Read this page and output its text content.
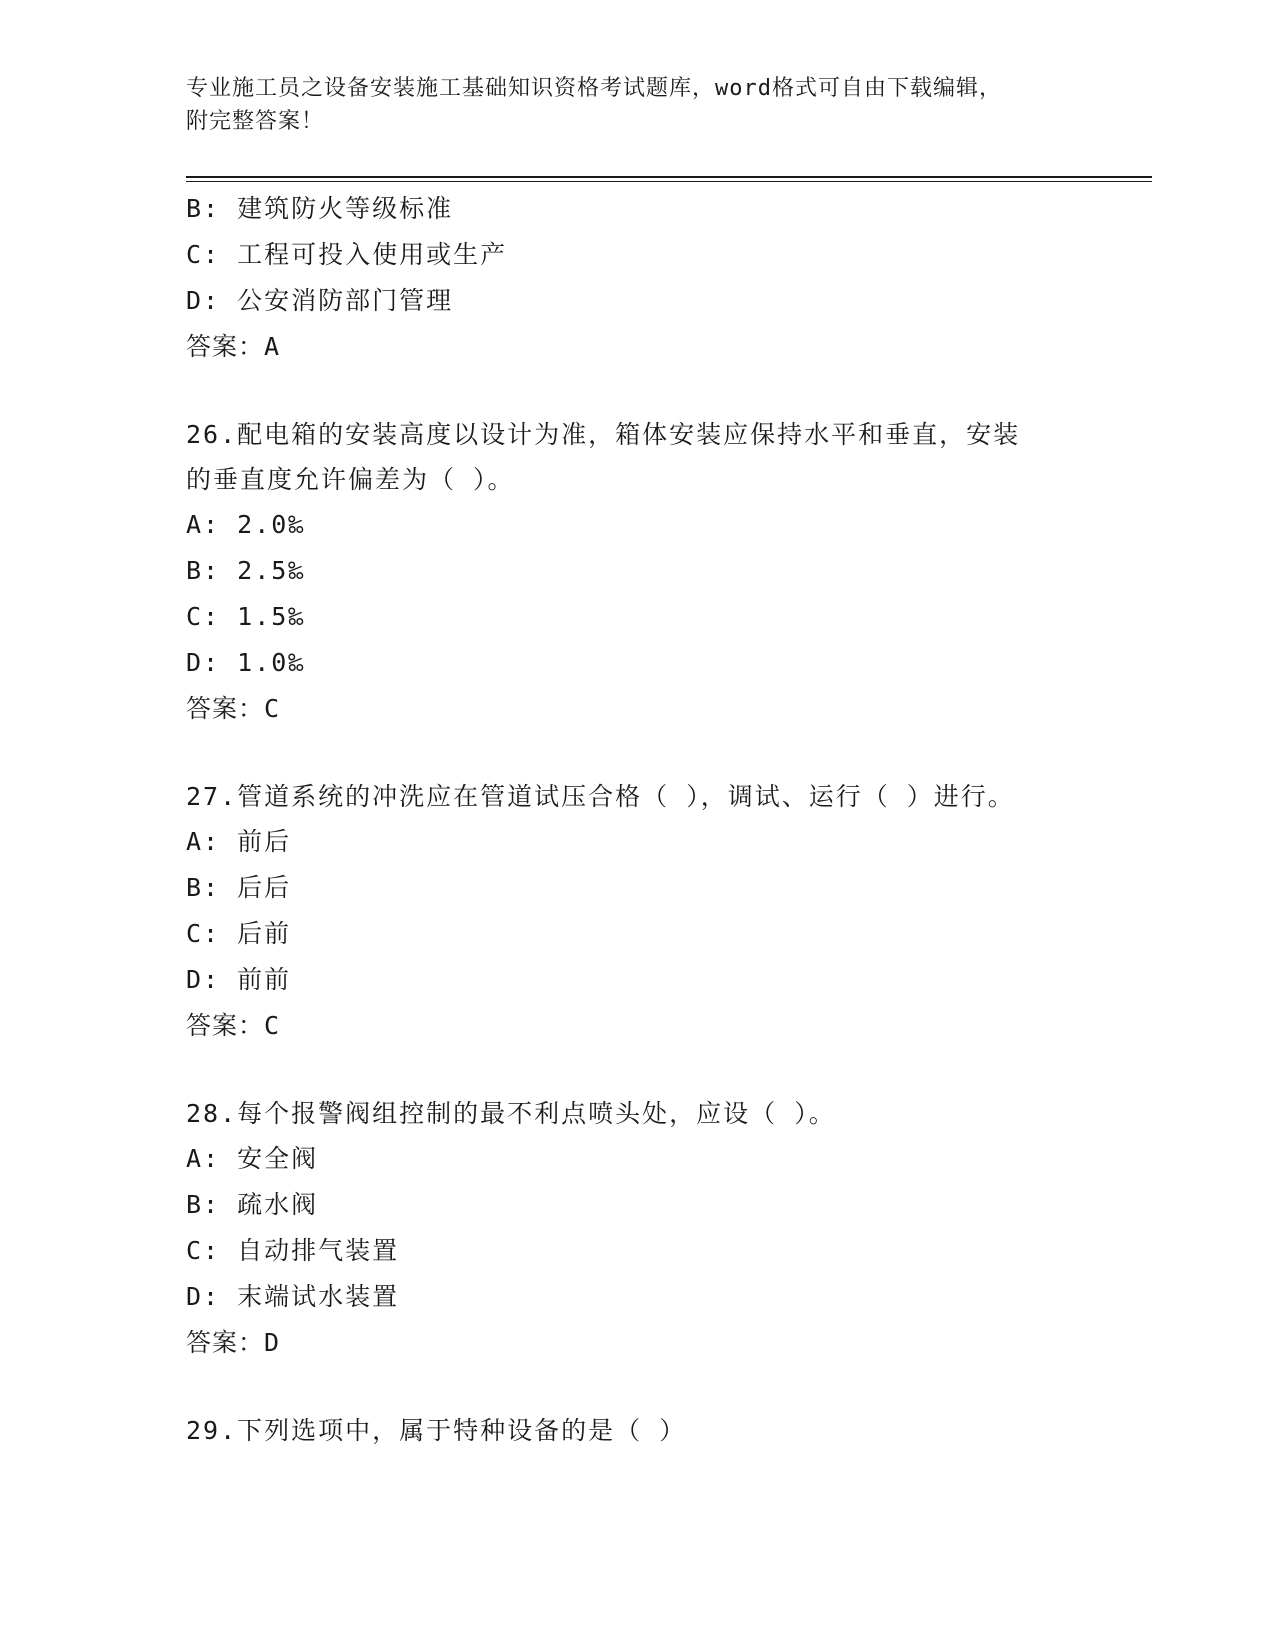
专业施工员之设备安装施工基础知识资格考试题库，word格式可自由下载编辑，
附完整答案！
B: 建筑防火等级标准
C: 工程可投入使用或生产
D: 公安消防部门管理
答案：A
26.配电箱的安装高度以设计为准，箱体安装应保持水平和垂直，安装的垂直度允许偏差为（ ）。
A: 2.0‰
B: 2.5‰
C: 1.5‰
D: 1.0‰
答案：C
27.管道系统的冲洗应在管道试压合格（ ），调试、运行（ ）进行。
A: 前后
B: 后后
C: 后前
D: 前前
答案：C
28.每个报警阀组控制的最不利点喷头处，应设（ ）。
A: 安全阀
B: 疏水阀
C: 自动排气装置
D: 末端试水装置
答案：D
29.下列选项中，属于特种设备的是（ ）
